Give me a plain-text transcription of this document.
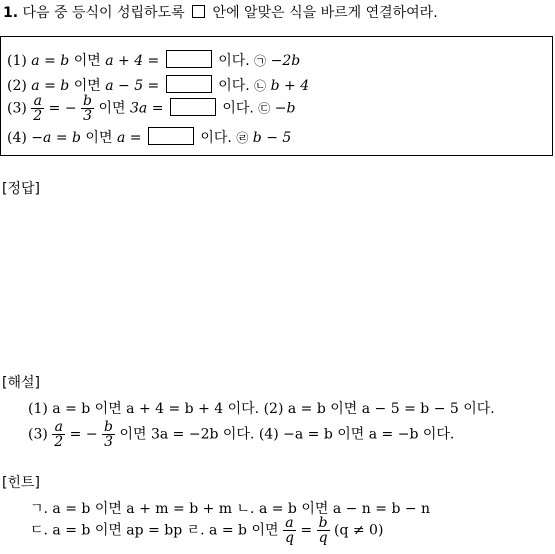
1. 다음 중 등식이 성립하도록 안에 알맞은 식을 바르게 연결하여라.
(1) a = b 이면 a + 4 =	이다. ㉠ −2b
(2) a = b 이면 a − 5 =	이다. ㉡ b + 4
$(3) \frac{a}{2}$ = − $\frac{b}{3}$ 이면 3a =	이다. ㉢ −b
(4) −a = b 이면 a =	이다. ㉣ b − 5
[정답]
[해설]
(1) a = b 이면 a + 4 = b + 4 이다. (2) a = b 이면 a − 5 = b − 5 이다.
$(3) \frac{a}{2}$ = − $\frac{b}{3}$ 이면 3a = −2b 이다. (4) −a = b 이면 a = −b 이다.
[힌트]
ㄱ. a = b 이면 a + m = b + m ㄴ. a = b 이면 a − n = b − n
ㄷ. a = b 이면 ap = bp ㄹ. a = b 이면 $\frac{a}{q} = \frac{b}{q} (q \ne 0)$
